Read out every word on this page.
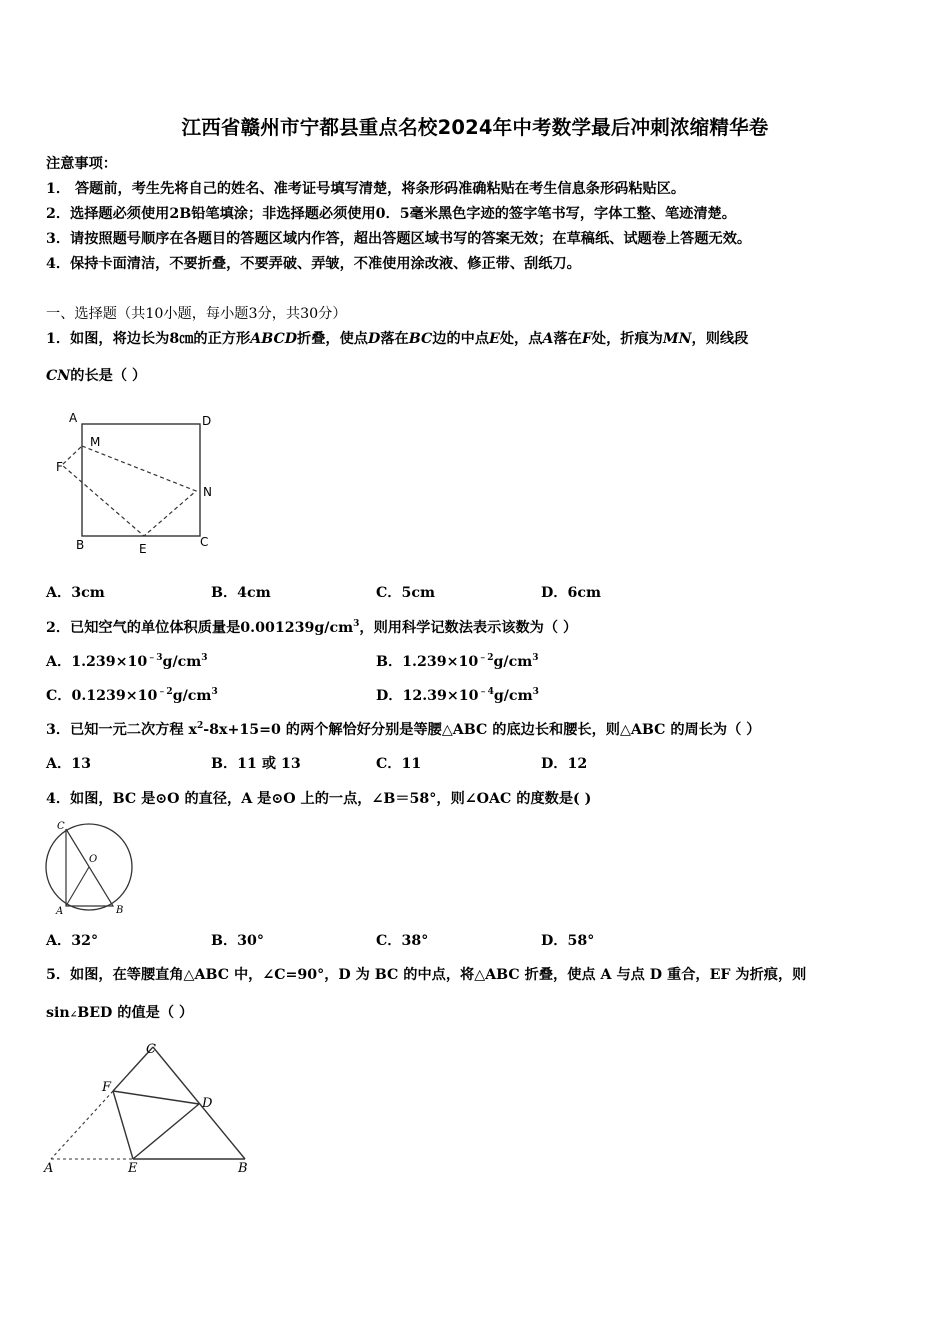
江西省赣州市宁都县重点名校2024年中考数学最后冲刺浓缩精华卷
注意事项：
1． 答题前，考生先将自己的姓名、准考证号填写清楚，将条形码准确粘贴在考生信息条形码粘贴区。
2．选择题必须使用2B铅笔填涂；非选择题必须使用0．5毫米黑色字迹的签字笔书写，字体工整、笔迹清楚。
3．请按照题号顺序在各题目的答题区域内作答，超出答题区域书写的答案无效；在草稿纸、试题卷上答题无效。
4．保持卡面清洁，不要折叠，不要弄破、弄皱，不准使用涂改液、修正带、刮纸刀。
一、选择题（共10小题，每小题3分，共30分）
1．如图，将边长为8㎝的正方形ABCD折叠，使点D落在BC边的中点E处，点A落在F处，折痕为MN，则线段
CN的长是（ ）
A	D
M
F
N
B	E	C
A．3cm	B．4cm	C．5cm	D．6cm
2．已知空气的单位体积质量是$0.001239g/cm^3$，则用科学记数法表示该数为（ ）
A．$1.239\times 10^{﹣3}g/cm^3$	B．$1.239\times 10^{﹣2}g/cm^3$
C．$0.1239\times 10^{﹣2}g/cm^3$	D．$12.39\times 10^{﹣4}g/cm^3$
3．已知一元二次方程 $x^2-8x+15=0$ 的两个解恰好分别是等腰△ABC 的底边长和腰长，则△ABC 的周长为（ ）
A．13	B．11 或 13	C．11	D．12
4．如图，BC 是⊙O 的直径，A 是⊙O 上的一点，∠B＝58°，则∠OAC 的度数是( )
C
O
A	B
A．32°	B．30°	C．38°	D．58°
5．如图，在等腰直角△ABC 中，∠C=90°，D 为 BC 的中点，将△ABC 折叠，使点 A 与点 D 重合，EF 为折痕，则
sin∠BED 的值是（ ）
C
F
D
A	E	B
